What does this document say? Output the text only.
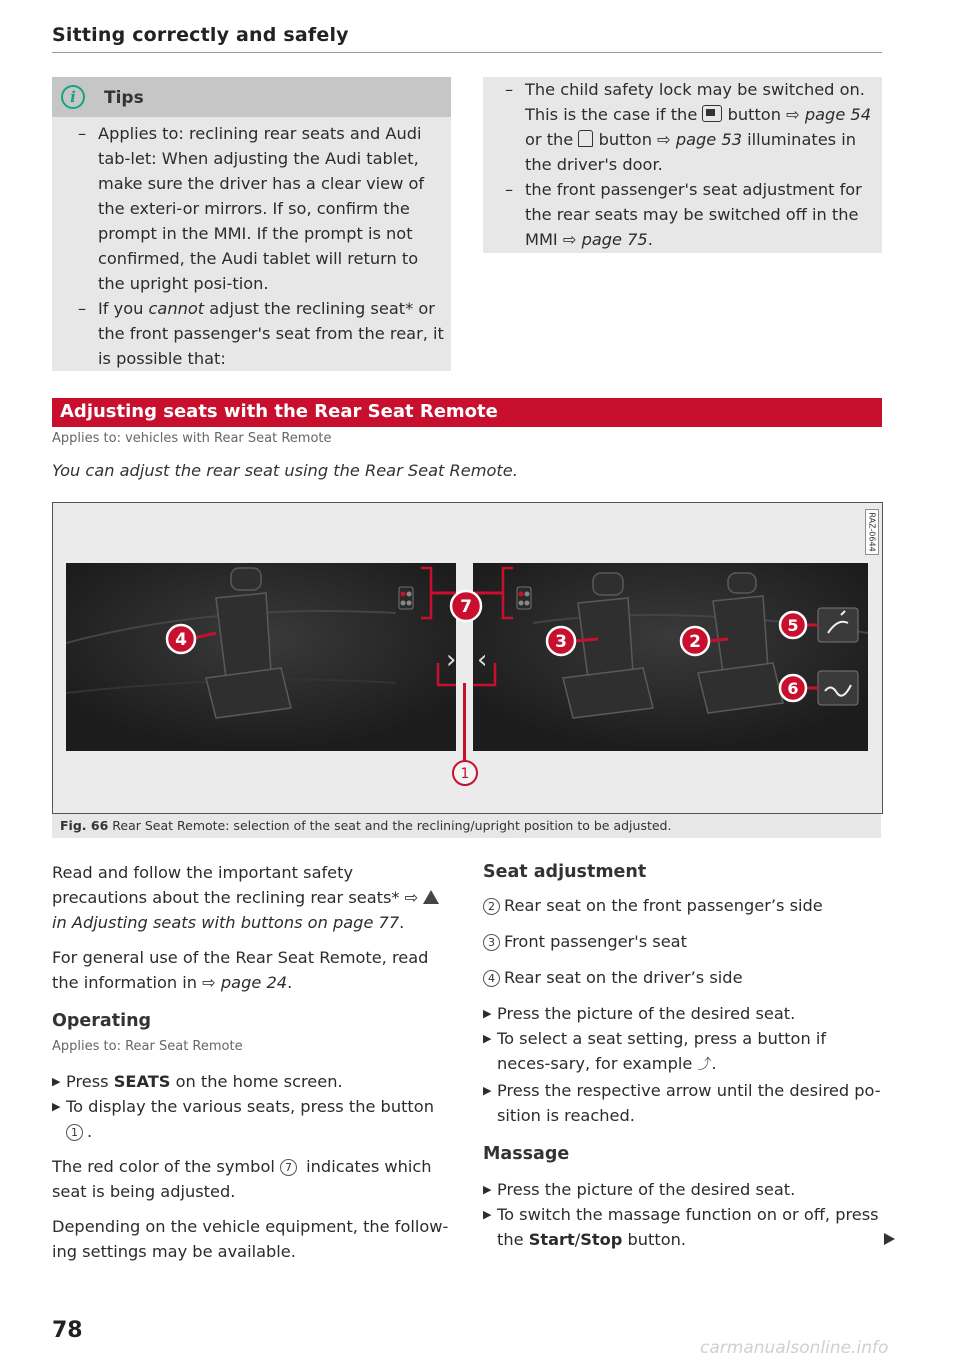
Sitting correctly and safely
i	Tips
– Applies to: reclining rear seats and Audi tab-let: When adjusting the Audi tablet, make sure the driver has a clear view of the exteri-or mirrors. If so, confirm the prompt in the MMI. If the prompt is not confirmed, the Audi tablet will return to the upright posi-tion.
– If you cannot adjust the reclining seat* or the front passenger's seat from the rear, it is possible that:
– The child safety lock may be switched on. This is the case if the
button ⇨ page 54 or the  button ⇨ page 53 illuminates in the driver's door.
– the front passenger's seat adjustment for the rear seats may be switched off in the MMI ⇨ page 75.
Adjusting seats with the Rear Seat Remote
Applies to: vehicles with Rear Seat Remote
You can adjust the rear seat using the Rear Seat Remote.
RAZ-0644
›
4
‹
3	2
5
6
7
1
Fig. 66 Rear Seat Remote: selection of the seat and the reclining/upright position to be adjusted.

Read and follow the important safety precautions about the reclining rear seats* ⇨ in Adjusting seats with buttons on page 77.

For general use of the Rear Seat Remote, read the information in ⇨ page 24.

Operating
Applies to: Rear Seat Remote
▶ Press SEATS on the home screen.
▶ To display the various seats, press the button
1 .

The red color of the symbol 7 indicates which seat is being adjusted.

Depending on the vehicle equipment, the follow-ing settings may be available.

Seat adjustment
2 Rear seat on the front passenger’s side
3 Front passenger's seat
4 Rear seat on the driver’s side
▶ Press the picture of the desired seat.
▶ To select a seat setting, press a button if neces-sary, for example ⤴.
▶ Press the respective arrow until the desired po-sition is reached.
Massage
▶ Press the picture of the desired seat.
▶ To switch the massage function on or off, press the Start/Stop button.
78
carmanualsonline.info
